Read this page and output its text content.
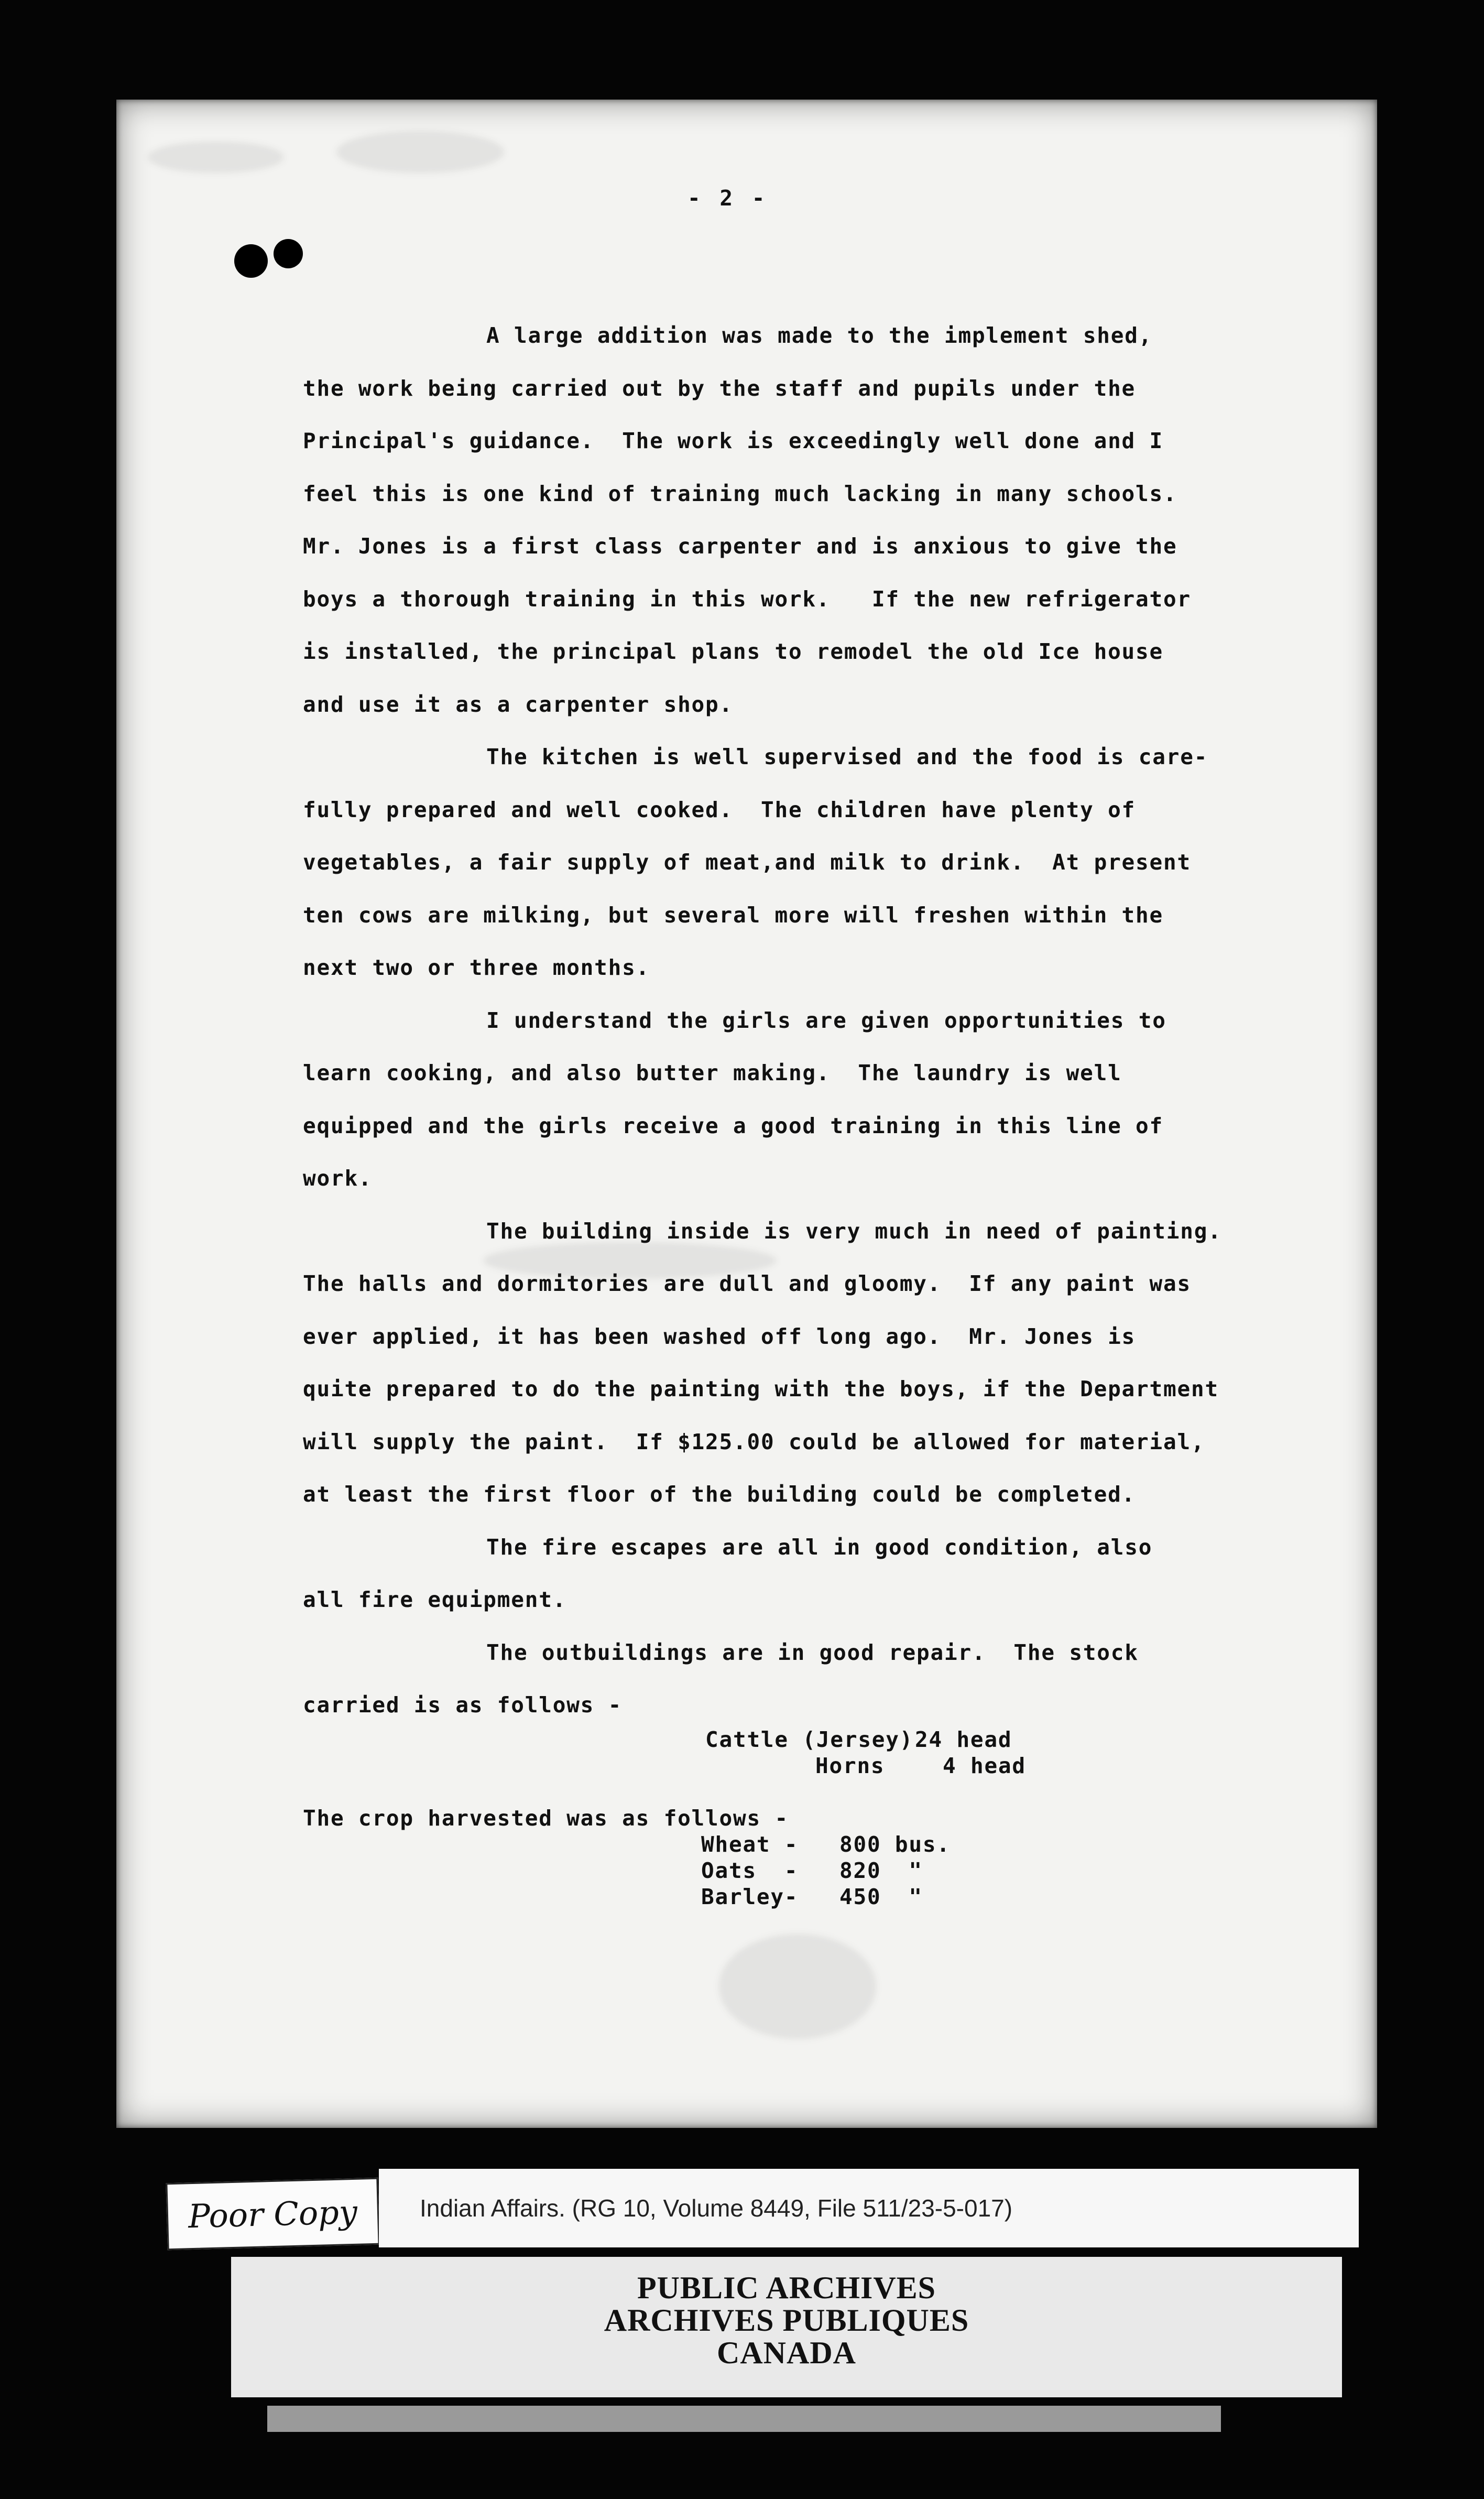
- 2 -
A large addition was made to the implement shed,
the work being carried out by the staff and pupils under the
Principal's guidance.  The work is exceedingly well done and I
feel this is one kind of training much lacking in many schools.
Mr. Jones is a first class carpenter and is anxious to give the
boys a thorough training in this work.   If the new refrigerator
is installed, the principal plans to remodel the old Ice house
and use it as a carpenter shop.
The kitchen is well supervised and the food is care-
fully prepared and well cooked.  The children have plenty of
vegetables, a fair supply of meat,and milk to drink.  At present
ten cows are milking, but several more will freshen within the
next two or three months.
I understand the girls are given opportunities to
learn cooking, and also butter making.  The laundry is well
equipped and the girls receive a good training in this line of
work.
The building inside is very much in need of painting.
The halls and dormitories are dull and gloomy.  If any paint was
ever applied, it has been washed off long ago.  Mr. Jones is
quite prepared to do the painting with the boys, if the Department
will supply the paint.  If $125.00 could be allowed for material,
at least the first floor of the building could be completed.
The fire escapes are all in good condition, also
all fire equipment.
The outbuildings are in good repair.  The stock
carried is as follows -
Cattle (Jersey) 24 head
Horns	4 head
The crop harvested was as follows -
Wheat - 800 bus.
Oats  - 820  "
Barley- 450  "
Poor Copy	Indian Affairs. (RG 10, Volume 8449, File 511/23-5-017)
PUBLIC ARCHIVES
ARCHIVES PUBLIQUES
CANADA
